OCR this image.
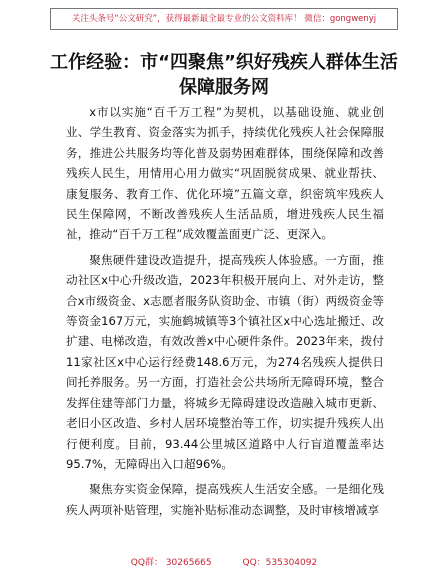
关注头条号“公文研究”，获得最新最全最专业的公文资料库！ 微信：gongwenyj
工作经验：市“四聚焦”织好残疾人群体生活
保障服务网

x市以实施“百千万工程”为契机，以基础设施、就业创业、学生教育、资金落实为抓手，持续优化残疾人社会保障服务，推进公共服务均等化普及弱势困难群体，围绕保障和改善残疾人民生，用情用心用力做实“巩固脱贫成果、就业帮扶、康复服务、教育工作、优化环境”五篇文章，织密筑牢残疾人民生保障网，不断改善残疾人生活品质，增进残疾人民生福祉，推动“百千万工程”成效覆盖面更广泛、更深入。

聚焦硬件建设改造提升，提高残疾人体验感。一方面，推动社区x中心升级改造，2023年积极开展向上、对外走访，整合x市级资金、x志愿者服务队资助金、市镇（街）两级资金等等资金167万元，实施鹤城镇等3个镇社区x中心选址搬迁、改扩建、电梯改造，有效改善x中心硬件条件。2023年来，拨付11家社区x中心运行经费148.6万元，为274名残疾人提供日间托养服务。另一方面，打造社会公共场所无障碍环境，整合发挥住建等部门力量，将城乡无障碍建设改造融入城市更新、老旧小区改造、乡村人居环境整治等工作，切实提升残疾人出行便利度。目前，93.44公里城区道路中人行盲道覆盖率达95.7%，无障碍出入口超96%。

聚焦夯实资金保障，提高残疾人生活安全感。一是细化残疾人两项补贴管理，实施补贴标准动态调整，及时审核增减享

QQ群： 30265665	QQ：535304092
